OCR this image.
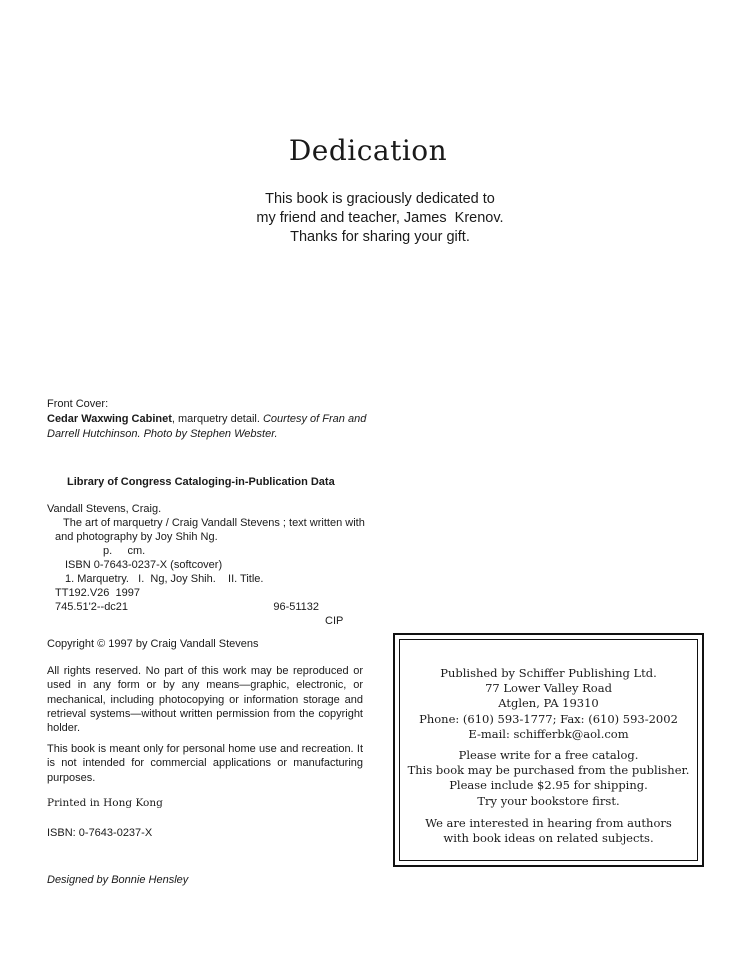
Dedication
This book is graciously dedicated to
my friend and teacher, James  Krenov.
Thanks for sharing your gift.
Front Cover:
Cedar Waxwing Cabinet, marquetry detail. Courtesy of Fran and
Darrell Hutchinson. Photo by Stephen Webster.
Library of Congress Cataloging-in-Publication Data
Vandall Stevens, Craig.
The art of marquetry / Craig Vandall Stevens ; text written with
and photography by Joy Shih Ng.
p.     cm.
ISBN 0-7643-0237-X (softcover)
1. Marquetry.   I.  Ng, Joy Shih.    II. Title.
TT192.V26  1997
745.51'2--dc21	96-51132
CIP
Copyright © 1997 by Craig Vandall Stevens
All rights reserved. No part of this work may be reproduced or used in any form or by any means—graphic, electronic, or mechanical, including photocopying or information storage and retrieval systems—without written permission from the copyright holder.
This book is meant only for personal home use and recreation. It is not intended for commercial applications or manufacturing purposes.
Printed in Hong Kong
ISBN: 0-7643-0237-X
Designed by Bonnie Hensley
Published by Schiffer Publishing Ltd.
77 Lower Valley Road
Atglen, PA 19310
Phone: (610) 593-1777; Fax: (610) 593-2002
E-mail: schifferbk@aol.com
Please write for a free catalog.
This book may be purchased from the publisher.
Please include $2.95 for shipping.
Try your bookstore first.
We are interested in hearing from authors
with book ideas on related subjects.
